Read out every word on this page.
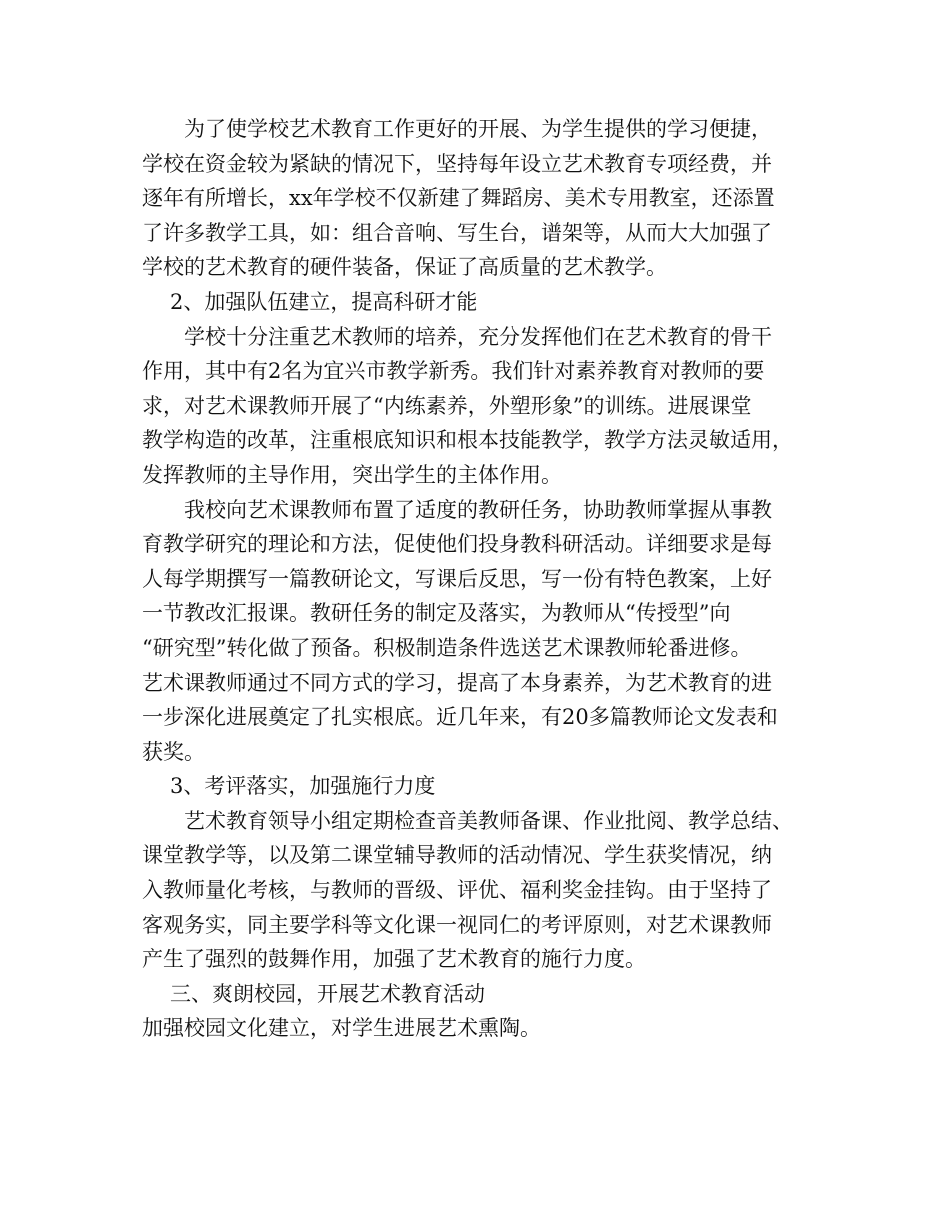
为了使学校艺术教育工作更好的开展、为学生提供的学习便捷，
学校在资金较为紧缺的情况下，坚持每年设立艺术教育专项经费，并
逐年有所增长，xx年学校不仅新建了舞蹈房、美术专用教室，还添置
了许多教学工具，如：组合音响、写生台，谱架等，从而大大加强了
学校的艺术教育的硬件装备，保证了高质量的艺术教学。
2、加强队伍建立，提高科研才能
学校十分注重艺术教师的培养，充分发挥他们在艺术教育的骨干
作用，其中有2名为宜兴市教学新秀。我们针对素养教育对教师的要
求，对艺术课教师开展了“内练素养，外塑形象”的训练。进展课堂
教学构造的改革，注重根底知识和根本技能教学，教学方法灵敏适用，
发挥教师的主导作用，突出学生的主体作用。
我校向艺术课教师布置了适度的教研任务，协助教师掌握从事教
育教学研究的理论和方法，促使他们投身教科研活动。详细要求是每
人每学期撰写一篇教研论文，写课后反思，写一份有特色教案，上好
一节教改汇报课。教研任务的制定及落实，为教师从“传授型”向
“研究型”转化做了预备。积极制造条件选送艺术课教师轮番进修。
艺术课教师通过不同方式的学习，提高了本身素养，为艺术教育的进
一步深化进展奠定了扎实根底。近几年来，有20多篇教师论文发表和
获奖。
3、考评落实，加强施行力度
艺术教育领导小组定期检查音美教师备课、作业批阅、教学总结、
课堂教学等，以及第二课堂辅导教师的活动情况、学生获奖情况，纳
入教师量化考核，与教师的晋级、评优、福利奖金挂钩。由于坚持了
客观务实，同主要学科等文化课一视同仁的考评原则，对艺术课教师
产生了强烈的鼓舞作用，加强了艺术教育的施行力度。
三、爽朗校园，开展艺术教育活动
加强校园文化建立，对学生进展艺术熏陶。
